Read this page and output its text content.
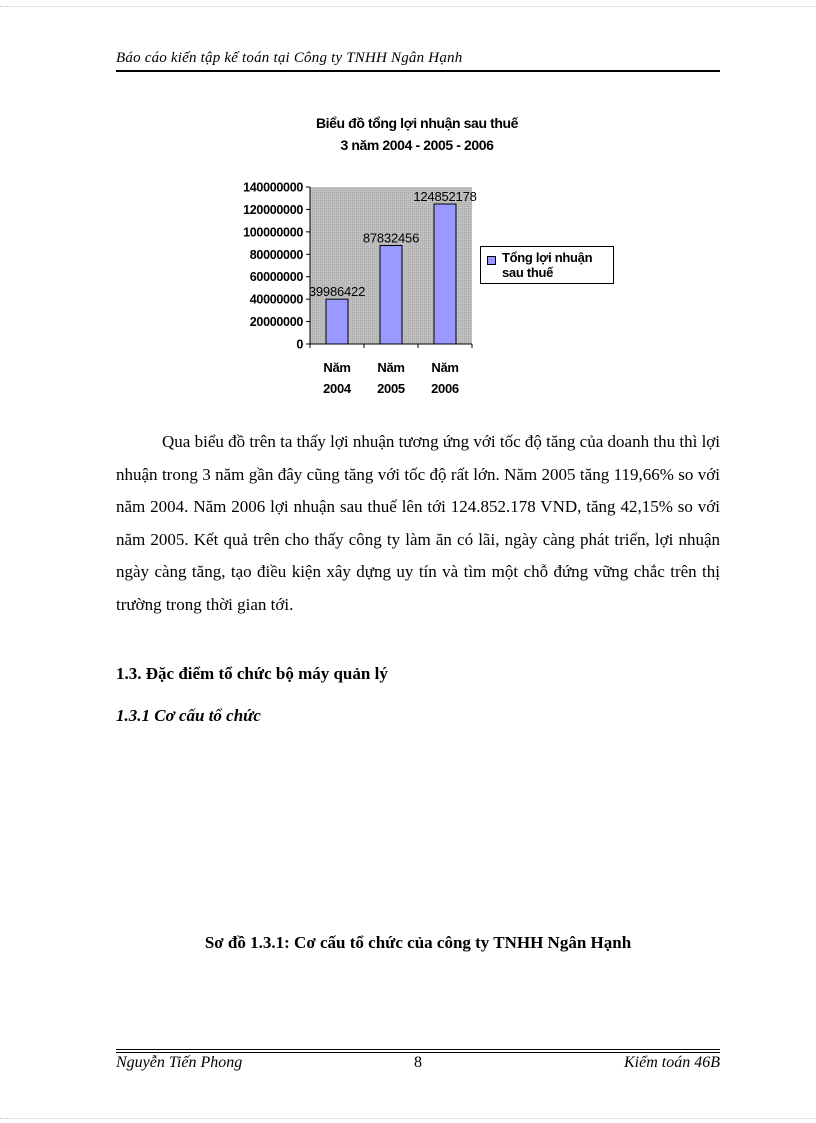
Báo cáo kiến tập kế toán tại Công ty TNHH Ngân Hạnh
Biểu đồ tổng lợi nhuận sau thuế
3 năm 2004 - 2005 - 2006
0
20000000
40000000
60000000
80000000
100000000
120000000
140000000
39986422
Năm
2004
87832456
Năm
2005
124852178
Năm
2006
Tổng lợi nhuận
sau thuế

Qua biểu đồ trên ta thấy lợi nhuận tương ứng với tốc độ tăng của doanh thu thì lợi nhuận trong 3 năm gần đây cũng tăng với tốc độ rất lớn. Năm 2005 tăng 119,66% so với năm 2004. Năm 2006 lợi nhuận sau thuế lên tới 124.852.178 VND, tăng 42,15% so với năm 2005. Kết quả trên cho thấy công ty làm ăn có lãi, ngày càng phát triển, lợi nhuận ngày càng tăng, tạo điều kiện xây dựng uy tín và tìm một chỗ đứng vững chắc trên thị trường trong thời gian tới.

1.3. Đặc điểm tổ chức bộ máy quản lý
1.3.1 Cơ cấu tổ chức
Sơ đồ 1.3.1: Cơ cấu tổ chức của công ty TNHH Ngân Hạnh
Nguyễn Tiến Phong	8	Kiểm toán 46B
